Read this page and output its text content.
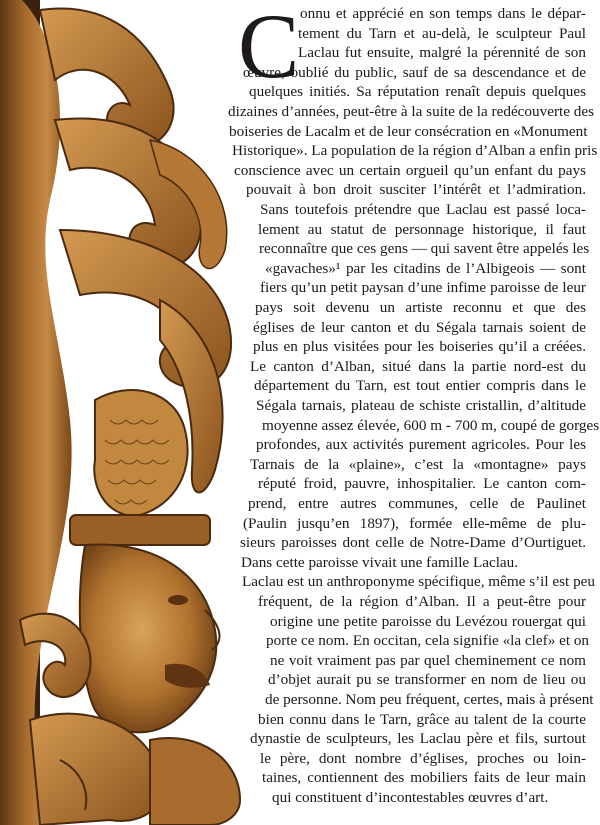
C onnu et apprécié en son temps dans le dépar-
tement du Tarn et au-delà, le sculpteur Paul
Laclau fut ensuite, malgré la pérennité de son
œuvre, oublié du public, sauf de sa descendance et de
quelques initiés. Sa réputation renaît depuis quelques
dizaines d’années, peut-être à la suite de la redécouverte des
boiseries de Lacalm et de leur consécration en «Monument
Historique». La population de la région d’Alban a enfin pris
conscience avec un certain orgueil qu’un enfant du pays
pouvait à bon droit susciter l’intérêt et l’admiration.
Sans toutefois prétendre que Laclau est passé loca-
lement au statut de personnage historique, il faut
reconnaître que ces gens — qui savent être appelés les
«gavaches»¹ par les citadins de l’Albigeois — sont
fiers qu’un petit paysan d’une infime paroisse de leur
pays soit devenu un artiste reconnu et que des
églises de leur canton et du Ségala tarnais soient de
plus en plus visitées pour les boiseries qu’il a créées.
Le canton d’Alban, situé dans la partie nord-est du
département du Tarn, est tout entier compris dans le
Ségala tarnais, plateau de schiste cristallin, d’altitude
moyenne assez élevée, 600 m - 700 m, coupé de gorges
profondes, aux activités purement agricoles. Pour les
Tarnais de la «plaine», c’est la «montagne» pays
réputé froid, pauvre, inhospitalier. Le canton com-
prend, entre autres communes, celle de Paulinet
(Paulin jusqu’en 1897), formée elle-même de plu-
sieurs paroisses dont celle de Notre-Dame d’Ourtiguet.
Dans cette paroisse vivait une famille Laclau.
Laclau est un anthroponyme spécifique, même s’il est peu
fréquent, de la région d’Alban. Il a peut-être pour
origine une petite paroisse du Levézou rouergat qui
porte ce nom. En occitan, cela signifie «la clef» et on
ne voit vraiment pas par quel cheminement ce nom
d’objet aurait pu se transformer en nom de lieu ou
de personne. Nom peu fréquent, certes, mais à présent
bien connu dans le Tarn, grâce au talent de la courte
dynastie de sculpteurs, les Laclau père et fils, surtout
le père, dont nombre d’églises, proches ou loin-
taines, contiennent des mobiliers faits de leur main
qui constituent d’incontestables œuvres d’art.
